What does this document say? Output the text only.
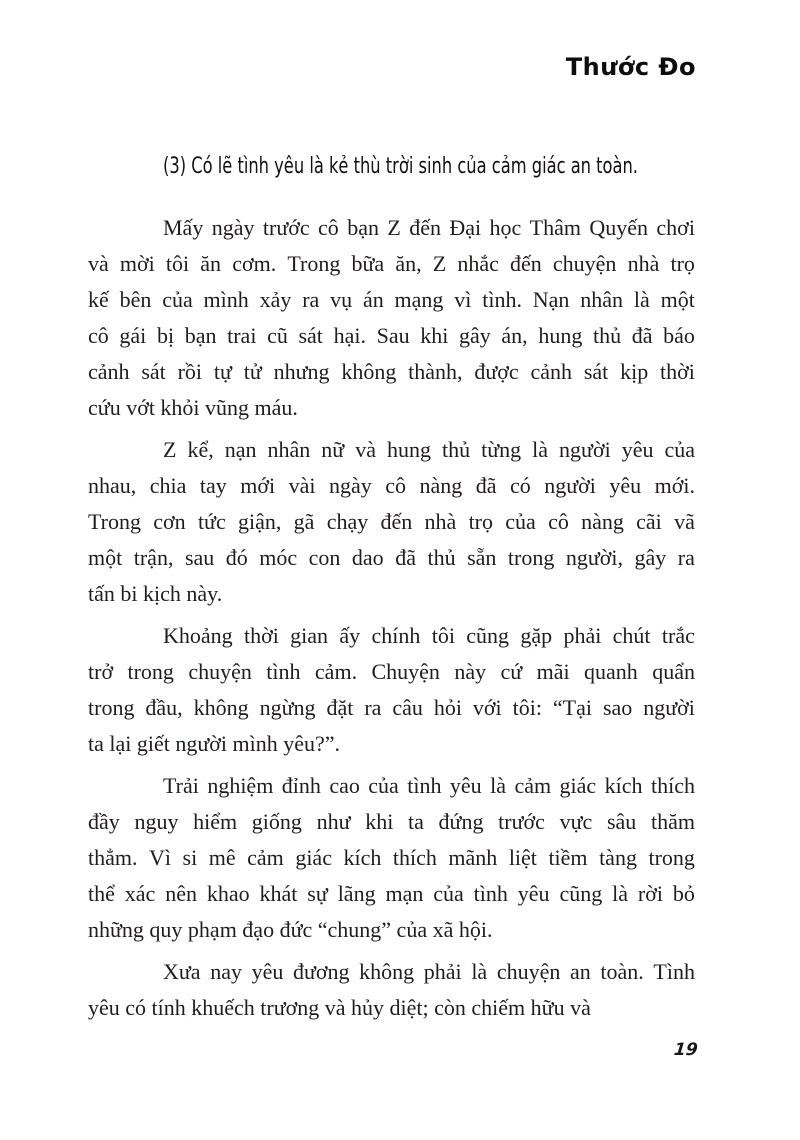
Thước Đo
(3) Có lẽ tình yêu là kẻ thù trời sinh của cảm giác an toàn.
Mấy ngày trước cô bạn Z đến Đại học Thâm Quyến chơi
và mời tôi ăn cơm. Trong bữa ăn, Z nhắc đến chuyện nhà trọ
kế bên của mình xảy ra vụ án mạng vì tình. Nạn nhân là một
cô gái bị bạn trai cũ sát hại. Sau khi gây án, hung thủ đã báo
cảnh sát rồi tự tử nhưng không thành, được cảnh sát kịp thời
cứu vớt khỏi vũng máu.
Z kể, nạn nhân nữ và hung thủ từng là người yêu của
nhau, chia tay mới vài ngày cô nàng đã có người yêu mới.
Trong cơn tức giận, gã chạy đến nhà trọ của cô nàng cãi vã
một trận, sau đó móc con dao đã thủ sẵn trong người, gây ra
tấn bi kịch này.
Khoảng thời gian ấy chính tôi cũng gặp phải chút trắc
trở trong chuyện tình cảm. Chuyện này cứ mãi quanh quẩn
trong đầu, không ngừng đặt ra câu hỏi với tôi: “Tại sao người
ta lại giết người mình yêu?”.
Trải nghiệm đỉnh cao của tình yêu là cảm giác kích thích
đầy nguy hiểm giống như khi ta đứng trước vực sâu thăm
thẳm. Vì si mê cảm giác kích thích mãnh liệt tiềm tàng trong
thể xác nên khao khát sự lãng mạn của tình yêu cũng là rời bỏ
những quy phạm đạo đức “chung” của xã hội.
Xưa nay yêu đương không phải là chuyện an toàn. Tình
yêu có tính khuếch trương và hủy diệt; còn chiếm hữu và
19
